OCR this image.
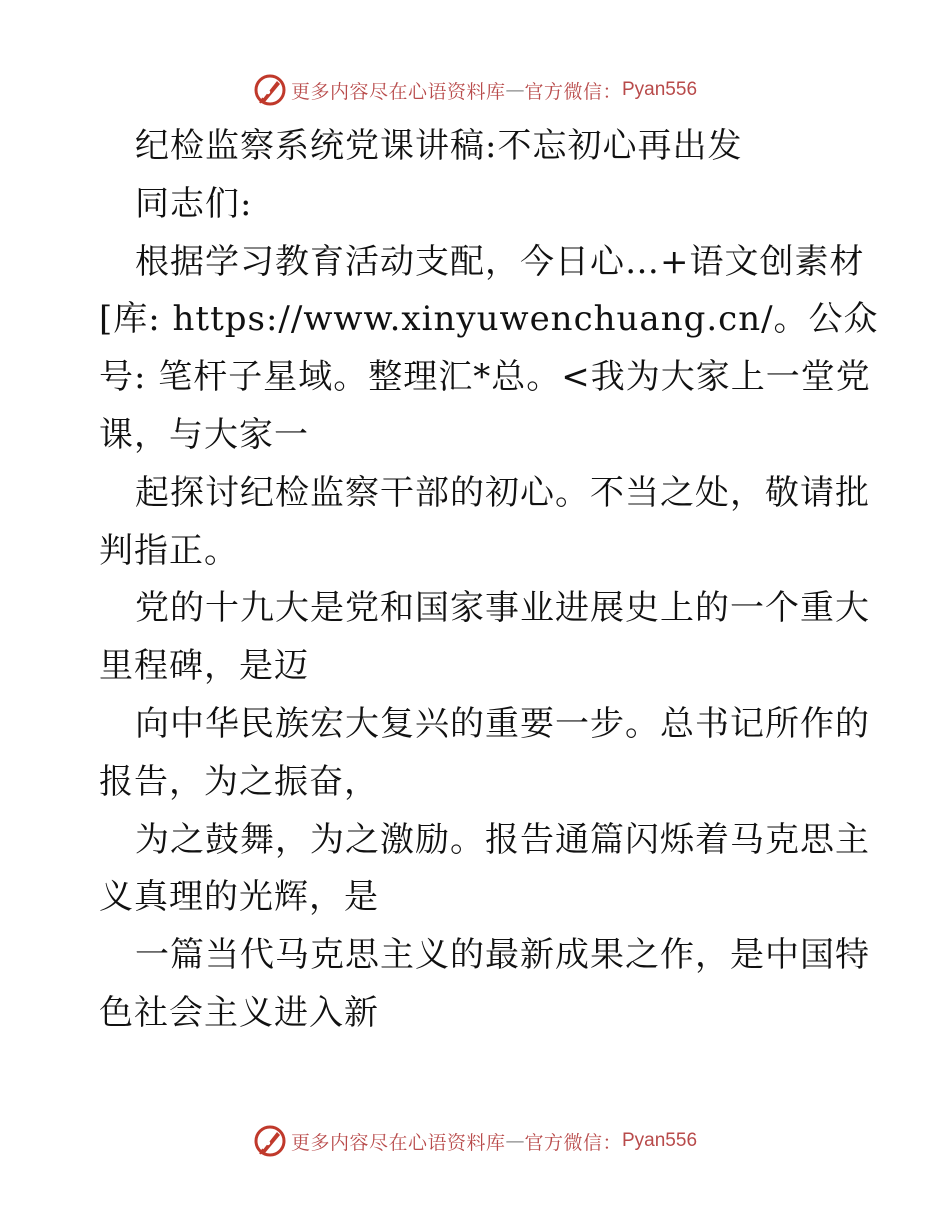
更多内容尽在心语资料库 — 官方微信： Pyan556
纪检监察系统党课讲稿:不忘初心再出发
同志们:
根据学习教育活动支配，今日心…+语文创素材
[库: https://www.xinyuwenchuang.cn/。公众
号: 笔杆子星域。整理汇*总。<我为大家上一堂党
课，与大家一
起探讨纪检监察干部的初心。不当之处，敬请批
判指正。
党的十九大是党和国家事业进展史上的一个重大
里程碑，是迈
向中华民族宏大复兴的重要一步。总书记所作的
报告，为之振奋，
为之鼓舞，为之激励。报告通篇闪烁着马克思主
义真理的光辉，是
一篇当代马克思主义的最新成果之作，是中国特
色社会主义进入新
更多内容尽在心语资料库 — 官方微信： Pyan556
